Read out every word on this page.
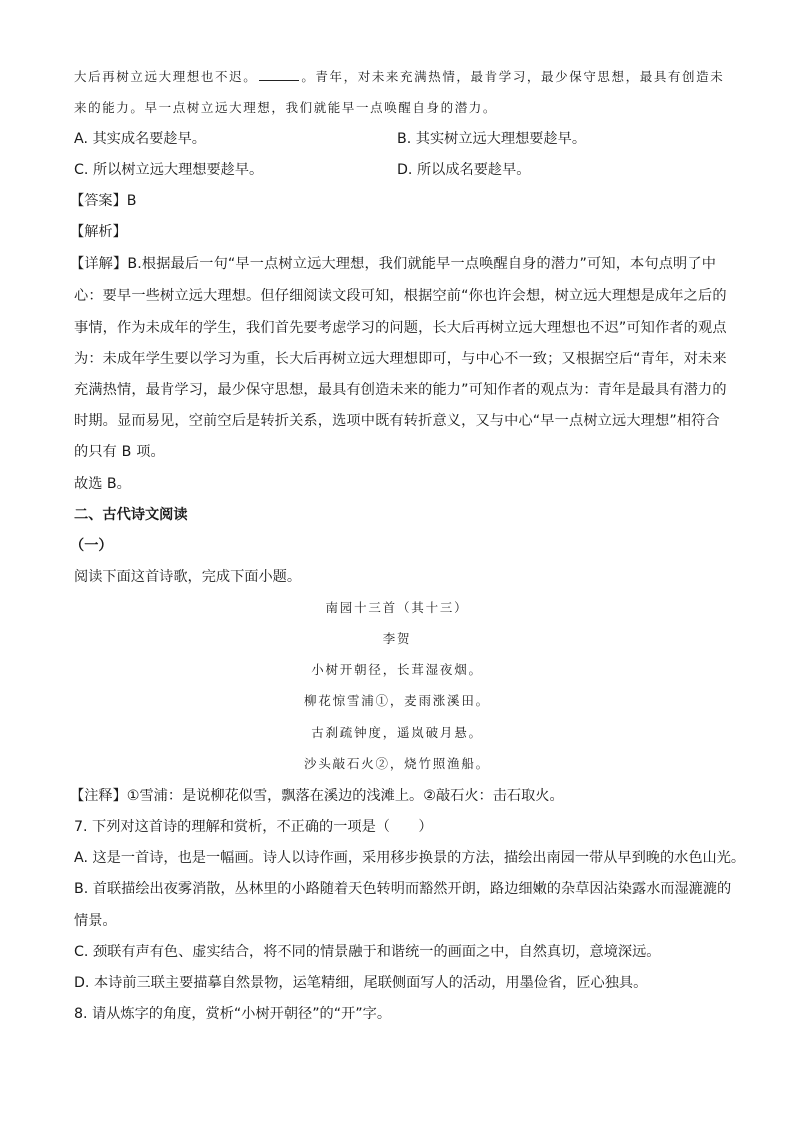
大后再树立远大理想也不迟。	。青年，对未来充满热情，最肯学习，最少保守思想，最具有创造未
来的能力。早一点树立远大理想，我们就能早一点唤醒自身的潜力。
A. 其实成名要趁早。	B. 其实树立远大理想要趁早。
C. 所以树立远大理想要趁早。	D. 所以成名要趁早。
【答案】B
【解析】
【详解】B.根据最后一句“早一点树立远大理想，我们就能早一点唤醒自身的潜力”可知，本句点明了中
心：要早一些树立远大理想。但仔细阅读文段可知，根据空前“你也许会想，树立远大理想是成年之后的
事情，作为未成年的学生，我们首先要考虑学习的问题，长大后再树立远大理想也不迟”可知作者的观点
为：未成年学生要以学习为重，长大后再树立远大理想即可，与中心不一致；又根据空后“青年，对未来
充满热情，最肯学习，最少保守思想，最具有创造未来的能力”可知作者的观点为：青年是最具有潜力的
时期。显而易见，空前空后是转折关系，选项中既有转折意义，又与中心“早一点树立远大理想”相符合
的只有 B 项。
故选 B。
二、古代诗文阅读
（一）
阅读下面这首诗歌，完成下面小题。
南园十三首（其十三）
李贺
小树开朝径，长茸湿夜烟。
柳花惊雪浦①，麦雨涨溪田。
古刹疏钟度，遥岚破月悬。
沙头敲石火②，烧竹照渔船。
【注释】①雪浦：是说柳花似雪，飘落在溪边的浅滩上。②敲石火：击石取火。
7. 下列对这首诗的理解和赏析，不正确的一项是（　　）
A. 这是一首诗，也是一幅画。诗人以诗作画，采用移步换景的方法，描绘出南园一带从早到晚的水色山光。
B. 首联描绘出夜雾消散，丛林里的小路随着天色转明而豁然开朗，路边细嫩的杂草因沾染露水而湿漉漉的
情景。
C. 颈联有声有色、虚实结合，将不同的情景融于和谐统一的画面之中，自然真切，意境深远。
D. 本诗前三联主要描摹自然景物，运笔精细，尾联侧面写人的活动，用墨俭省，匠心独具。
8. 请从炼字的角度，赏析“小树开朝径”的“开”字。
